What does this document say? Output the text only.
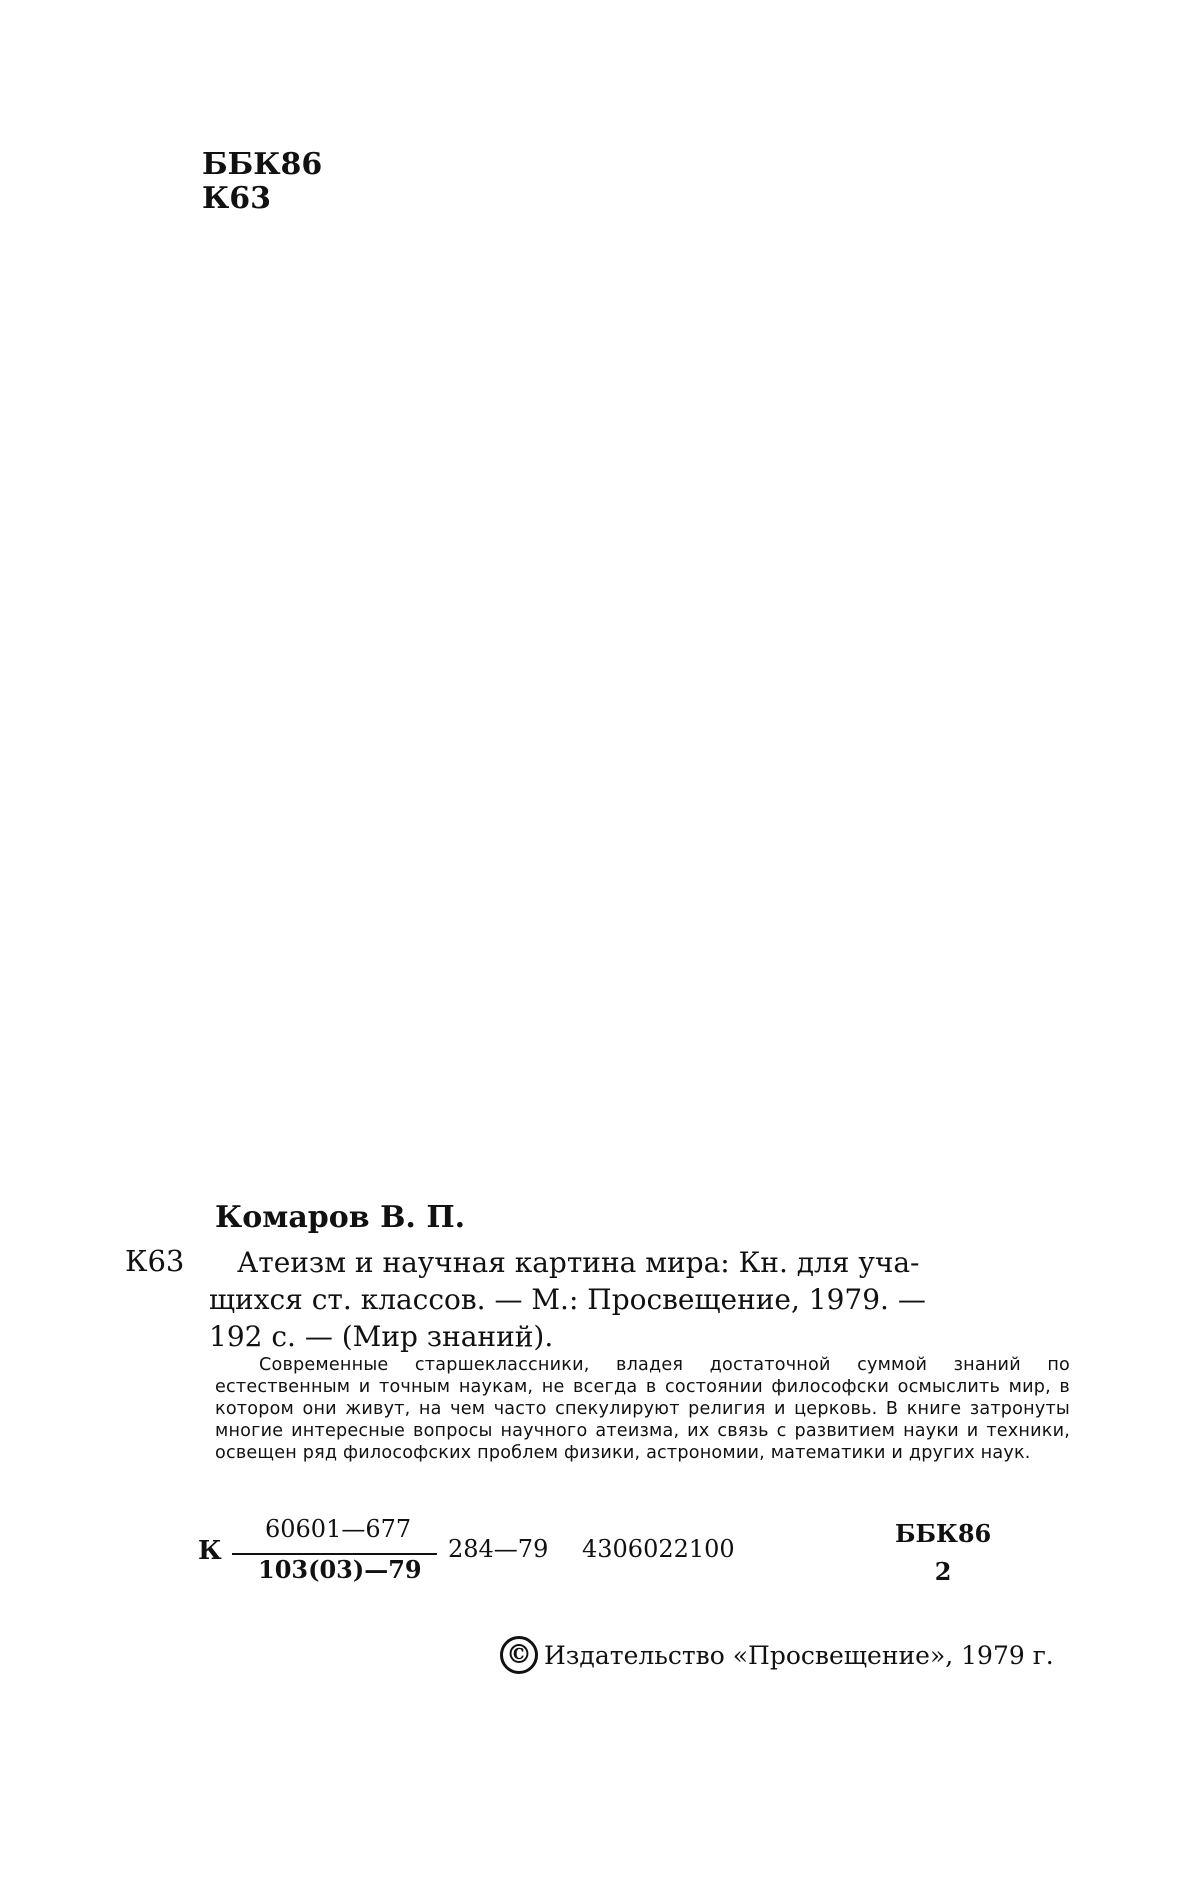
ББК86
К63
Комаров В. П.
К63 Атеизм и научная картина мира: Кн. для уча-
щихся ст. классов. — М.: Просвещение, 1979. —
192 с. — (Мир знаний).
Современные старшеклассники, владея достаточной суммой знаний по естественным и точным наукам, не всегда в состоянии философски осмыслить мир, в котором они живут, на чем часто спекулируют религия и церковь. В книге затронуты многие интересные вопросы научного атеизма, их связь с развитием науки и техники, освещен ряд философских проблем физики, астрономии, математики и других наук.
К
60601—677
103(03)—79
284—79 4306022100
ББК86
2
© Издательство «Просвещение», 1979 г.
